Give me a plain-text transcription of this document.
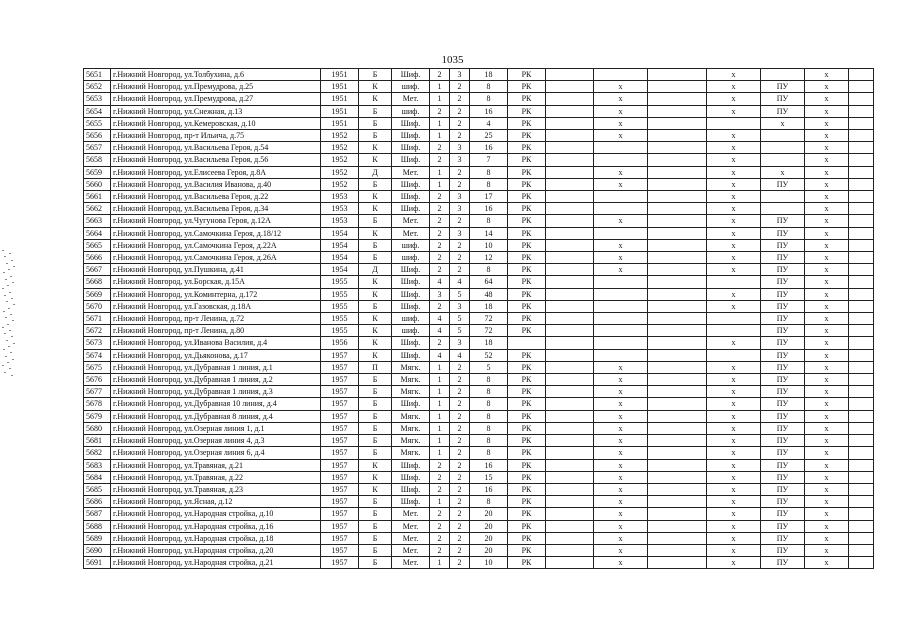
1035
5651	г.Нижний Новгород, ул.Толбухина, д.6	1951	Б	Шиф.	2	3	18	РК				x		x	
5652	г.Нижний Новгород, ул.Премудрова, д.25	1951	К	шиф.	1	2	8	РК		x		x	ПУ	x	
5653	г.Нижний Новгород, ул.Премудрова, д.27	1951	К	Мет.	1	2	8	РК		x		x	ПУ	x	
5654	г.Нижний Новгород, ул.Снежная, д.13	1951	Б	шиф.	2	2	16	РК		x		x	ПУ	x	
5655	г.Нижний Новгород, ул.Кемеровская, д.10	1951	Б	Шиф.	1	2	4	РК		x			x	x	
5656	г.Нижний Новгород, пр-т Ильича, д.75	1952	Б	Шиф.	1	2	25	РК		x		x		x	
5657	г.Нижний Новгород, ул.Васильева Героя, д.54	1952	К	Шиф.	2	3	16	РК				x		x	
5658	г.Нижний Новгород, ул.Васильева Героя, д.56	1952	К	Шиф.	2	3	7	РК				x		x	
5659	г.Нижний Новгород, ул.Елисеева Героя, д.8А	1952	Д	Мет.	1	2	8	РК		x		x	x	x	
5660	г.Нижний Новгород, ул.Василия Иванова, д.40	1952	Б	Шиф.	1	2	8	РК		x		x	ПУ	x	
5661	г.Нижний Новгород, ул.Васильева Героя, д.22	1953	К	Шиф.	2	3	17	РК				x		x	
5662	г.Нижний Новгород, ул.Васильева Героя, д.34	1953	К	Шиф.	2	3	16	РК				x		x	
5663	г.Нижний Новгород, ул.Чугунова Героя, д.12А	1953	Б	Мет.	2	2	8	РК		x		x	ПУ	x	
5664	г.Нижний Новгород, ул.Самочкина Героя, д.18/12	1954	К	Мет.	2	3	14	РК				x	ПУ	x	
5665	г.Нижний Новгород, ул.Самочкина Героя, д.22А	1954	Б	шиф.	2	2	10	РК		x		x	ПУ	x	
5666	г.Нижний Новгород, ул.Самочкина Героя, д.26А	1954	Б	шиф.	2	2	12	РК		x		x	ПУ	x	
5667	г.Нижний Новгород, ул.Пушкина, д.41	1954	Д	Шиф.	2	2	8	РК		x		x	ПУ	x	
5668	г.Нижний Новгород, ул.Борская, д.15А	1955	К	Шиф.	4	4	64	РК					ПУ	x	
5669	г.Нижний Новгород, ул.Коминтерна, д.172	1955	К	Шиф.	3	5	48	РК				x	ПУ	x	
5670	г.Нижний Новгород, ул.Газовская, д.18А	1955	Б	Шиф.	2	3	18	РК				x	ПУ	x	
5671	г.Нижний Новгород, пр-т Ленина, д.72	1955	К	шиф.	4	5	72	РК					ПУ	x	
5672	г.Нижний Новгород, пр-т Ленина, д.80	1955	К	шиф.	4	5	72	РК					ПУ	x	
5673	г.Нижний Новгород, ул.Иванова Василия, д.4	1956	К	Шиф.	2	3	18					x	ПУ	x	
5674	г.Нижний Новгород, ул.Дьяконова, д.17	1957	К	Шиф.	4	4	52	РК					ПУ	x	
5675	г.Нижний Новгород, ул.Дубравная 1 линия, д.1	1957	П	Мягк.	1	2	5	РК		x		x	ПУ	x	
5676	г.Нижний Новгород, ул.Дубравная 1 линия, д.2	1957	Б	Мягк.	1	2	8	РК		x		x	ПУ	x	
5677	г.Нижний Новгород, ул.Дубравная 1 линия, д.3	1957	Б	Мягк.	1	2	8	РК		x		x	ПУ	x	
5678	г.Нижний Новгород, ул.Дубравная 10 линия, д.4	1957	Б	Шиф.	1	2	8	РК		x		x	ПУ	x	
5679	г.Нижний Новгород, ул.Дубравная 8 линия, д.4	1957	Б	Мягк.	1	2	8	РК		x		x	ПУ	x	
5680	г.Нижний Новгород, ул.Озерная линия 1, д.1	1957	Б	Мягк.	1	2	8	РК		x		x	ПУ	x	
5681	г.Нижний Новгород, ул.Озерная линия 4, д.3	1957	Б	Мягк.	1	2	8	РК		x		x	ПУ	x	
5682	г.Нижний Новгород, ул.Озерная линия 6, д.4	1957	Б	Мягк.	1	2	8	РК		x		x	ПУ	x	
5683	г.Нижний Новгород, ул.Травяная, д.21	1957	К	Шиф.	2	2	16	РК		x		x	ПУ	x	
5684	г.Нижний Новгород, ул.Травяная, д.22	1957	К	Шиф.	2	2	15	РК		x		x	ПУ	x	
5685	г.Нижний Новгород, ул.Травяная, д.23	1957	К	Шиф.	2	2	16	РК		x		x	ПУ	x	
5686	г.Нижний Новгород, ул.Ясная, д.12	1957	Б	Шиф.	1	2	8	РК		x		x	ПУ	x	
5687	г.Нижний Новгород, ул.Народная стройка, д.10	1957	Б	Мет.	2	2	20	РК		x		x	ПУ	x	
5688	г.Нижний Новгород, ул.Народная стройка, д.16	1957	Б	Мет.	2	2	20	РК		x		x	ПУ	x	
5689	г.Нижний Новгород, ул.Народная стройка, д.18	1957	Б	Мет.	2	2	20	РК		x		x	ПУ	x	
5690	г.Нижний Новгород, ул.Народная стройка, д.20	1957	Б	Мет.	2	2	20	РК		x		x	ПУ	x	
5691	г.Нижний Новгород, ул.Народная стройка, д.21	1957	Б	Мет.	1	2	10	РК		x		x	ПУ	x	
